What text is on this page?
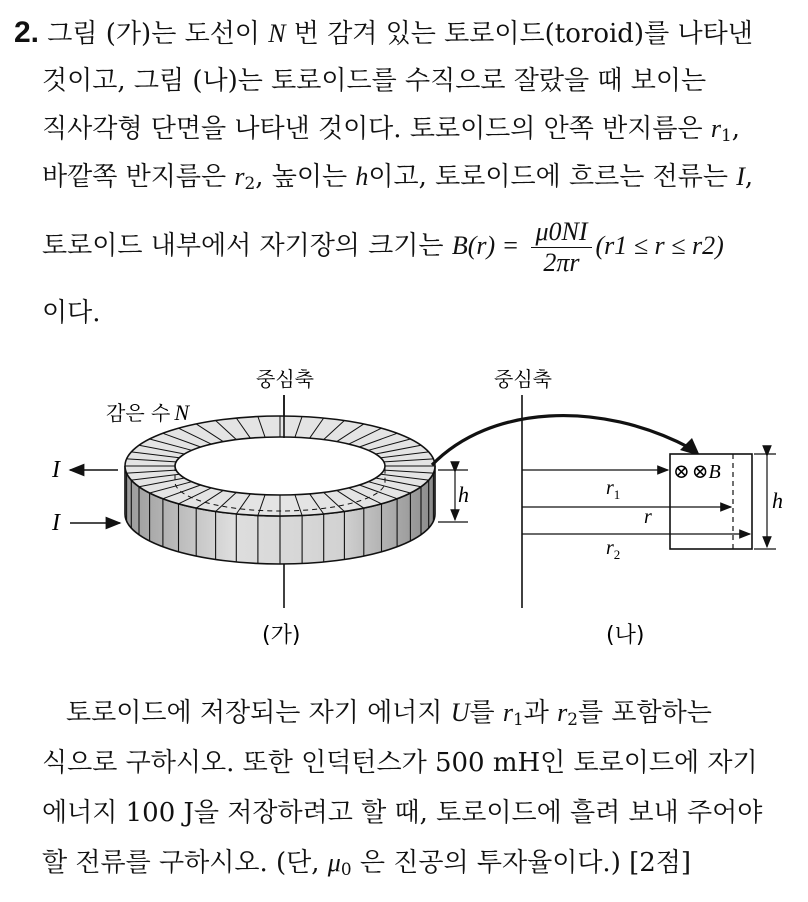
2. 그림 (가)는 도선이 N 번 감겨 있는 토로이드(toroid)를 나타낸
것이고, 그림 (나)는 토로이드를 수직으로 잘랐을 때 보이는
직사각형 단면을 나타낸 것이다. 토로이드의 안쪽 반지름은 $r_1$,
바깥쪽 반지름은 $r_2$, 높이는 h이고, 토로이드에 흐르는 전류는 I,
토로이드 내부에서 자기장의 크기는 $B(r) = \frac{\mu 0NI}{2\pi r} (r1 \le r \le r2)$
이다.
중심축
감은 수 N
I
I
h
(가)
중심축
⊗ ⊗B
$r_1$
r
$r_2$
h
(나)
토로이드에 저장되는 자기 에너지 U를 $r_1$과 $r_2$를 포함하는
식으로 구하시오. 또한 인덕턴스가 500 mH인 토로이드에 자기
에너지 100 J을 저장하려고 할 때, 토로이드에 흘려 보내 주어야
할 전류를 구하시오. (단, $\mu_0$ 은 진공의 투자율이다.) [2점]
